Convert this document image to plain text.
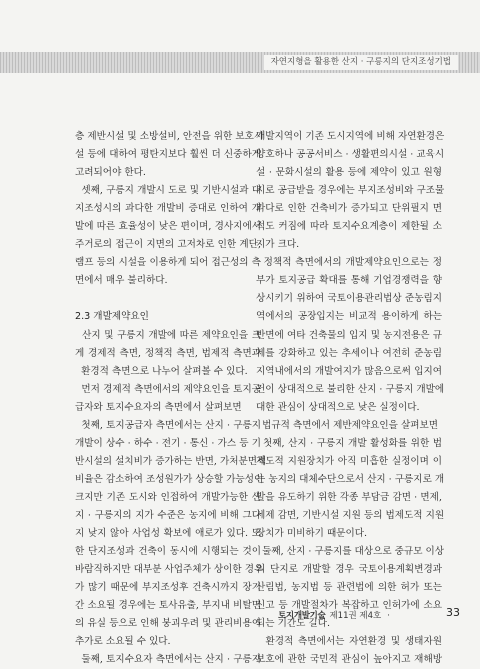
자연지형을 활용한 산지 · 구릉지의 단지조성기법
층 제반시설 및 소방설비, 안전을 위한 보호시
설 등에 대하여 평탄지보다 훨씬 더 신중하게
고려되어야 한다.
셋째, 구릉지 개발시 도로 및 기반시설과 대
지조성시의 과다한 개발비 증대로 인하여 개
발에 따른 효율성이 낮은 편이며, 경사지에서
주거로의 접근이 지면의 고저차로 인한 계단,
램프 등의 시설을 이용하게 되어 접근성의 측
면에서 매우 불리하다.

2.3 개발제약요인
산지 및 구릉지 개발에 따른 제약요인을 크
게 경제적 측면, 정책적 측면, 법제적 측면과
환경적 측면으로 나누어 살펴볼 수 있다.
먼저 경제적 측면에서의 제약요인을 토지공
급자와 토지수요자의 측면에서 살펴보면
첫째, 토지공급자 측면에서는 산지 · 구릉지
개발이 상수 · 하수 · 전기 · 통신 · 가스 등 기
반시설의 설치비가 증가하는 반면, 가처분면적
비율은 감소하여 조성원가가 상승할 가능성이
크지만 기존 도시와 인접하여 개발가능한 산
지 · 구릉지의 지가 수준은 농지에 비해 그다
지 낮지 않아 사업성 확보에 애로가 있다. 또
한 단지조성과 건축이 동시에 시행되는 것이
바람직하지만 대부분 사업주체가 상이한 경우
가 많기 때문에 부지조성후 건축시까지 장기
간 소요될 경우에는 토사유출, 부지내 비탈면
의 유실 등으로 인해 붕괴우려 및 관리비용이
추가로 소요될 수 있다.
둘째, 토지수요자 측면에서는 산지 · 구릉지
개발지역이 기존 도시지역에 비해 자연환경은
양호하나 공공서비스 · 생활편의시설 · 교육시
설 · 문화시설의 활용 등에 제약이 있고 원형
지로 공급받을 경우에는 부지조성비와 구조물
과다로 인한 건축비가 증가되고 단위필지 면
적도 커짐에 따라 토지수요계층이 제한될 소
지가 크다.
정책적 측면에서의 개발제약요인으로는 정
부가 토지공급 확대를 통해 기업경쟁력을 향
상시키기 위하여 국토이용관리법상 준농림지
역에서의 공장입지는 비교적 용이하게 하는
반면에 여타 건축물의 입지 및 농지전용은 규
제를 강화하고 있는 추세이나 여전히 준농림
지역내에서의 개발여지가 많음으로써 입지여
건이 상대적으로 불리한 산지 · 구릉지 개발에
대한 관심이 상대적으로 낮은 실정이다.
법규적 측면에서 제반제약요인을 살펴보면
첫째, 산지 · 구릉지 개발 활성화를 위한 법
제도적 지원장치가 아직 미흡한 실정이며 이
는 농지의 대체수단으로서 산지 · 구릉지로 개
발을 유도하기 위한 각종 부담금 감면 · 면제,
세제 감면, 기반시설 지원 등의 법제도적 지원
장치가 미비하기 때문이다.
둘째, 산지 · 구릉지를 대상으로 중규모 이상
의 단지로 개발할 경우 국토이용계획변경과
산림법, 농지법 등 관련법에 의한 허가 또는
신고 등 개발절차가 복잡하고 인허가에 소요
되는 기간도 길다.
환경적 측면에서는 자연환경 및 생태자원
보호에 관한 국민적 관심이 높아지고 재해방
토지개발기술 제11권 제4호 ·	33
